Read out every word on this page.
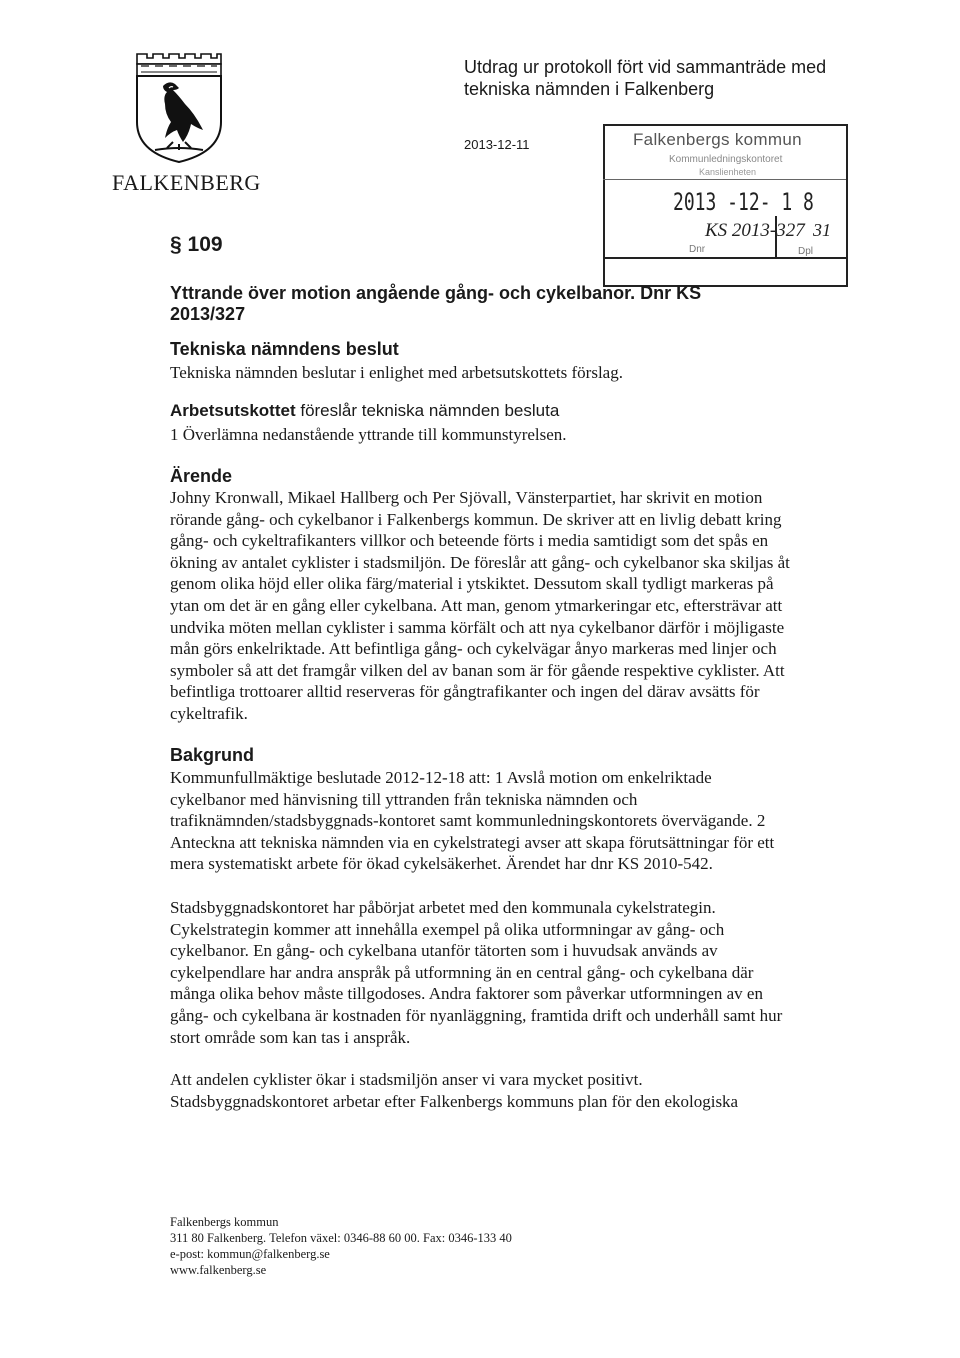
FALKENBERG
Utdrag ur protokoll fört vid sammanträde med
tekniska nämnden i Falkenberg
2013-12-11	Falkenbergs kommun
Kommunledningskontoret
Kanslienheten
2013 -12- 1 8
KS 2013-327
Dnr
31
Dpl
§ 109
Yttrande över motion angående gång- och cykelbanor. Dnr KS
2013/327
Tekniska nämndens beslut
Tekniska nämnden beslutar i enlighet med arbetsutskottets förslag.
Arbetsutskottet föreslår tekniska nämnden besluta
1 Överlämna nedanstående yttrande till kommunstyrelsen.
Ärende
Johny Kronwall, Mikael Hallberg och Per Sjövall, Vänsterpartiet, har skrivit en motion
rörande gång- och cykelbanor i Falkenbergs kommun. De skriver att en livlig debatt kring
gång- och cykeltrafikanters villkor och beteende förts i media samtidigt som det spås en
ökning av antalet cyklister i stadsmiljön. De föreslår att gång- och cykelbanor ska skiljas åt
genom olika höjd eller olika färg/material i ytskiktet. Dessutom skall tydligt markeras på
ytan om det är en gång eller cykelbana. Att man, genom ytmarkeringar etc, eftersträvar att
undvika möten mellan cyklister i samma körfält och att nya cykelbanor därför i möjligaste
mån görs enkelriktade. Att befintliga gång- och cykelvägar ånyo markeras med linjer och
symboler så att det framgår vilken del av banan som är för gående respektive cyklister. Att
befintliga trottoarer alltid reserveras för gångtrafikanter och ingen del därav avsätts för
cykeltrafik.
Bakgrund
Kommunfullmäktige beslutade 2012-12-18 att: 1 Avslå motion om enkelriktade
cykelbanor med hänvisning till yttranden från tekniska nämnden och
trafiknämnden/stadsbyggnads-kontoret samt kommunledningskontorets övervägande. 2
Anteckna att tekniska nämnden via en cykelstrategi avser att skapa förutsättningar för ett
mera systematiskt arbete för ökad cykelsäkerhet. Ärendet har dnr KS 2010-542.
Stadsbyggnadskontoret har påbörjat arbetet med den kommunala cykelstrategin.
Cykelstrategin kommer att innehålla exempel på olika utformningar av gång- och
cykelbanor. En gång- och cykelbana utanför tätorten som i huvudsak används av
cykelpendlare har andra anspråk på utformning än en central gång- och cykelbana där
många olika behov måste tillgodoses. Andra faktorer som påverkar utformningen av en
gång- och cykelbana är kostnaden för nyanläggning, framtida drift och underhåll samt hur
stort område som kan tas i anspråk.
Att andelen cyklister ökar i stadsmiljön anser vi vara mycket positivt.
Stadsbyggnadskontoret arbetar efter Falkenbergs kommuns plan för den ekologiska
Falkenbergs kommun
311 80 Falkenberg. Telefon växel: 0346-88 60 00. Fax: 0346-133 40
e-post: kommun@falkenberg.se
www.falkenberg.se
